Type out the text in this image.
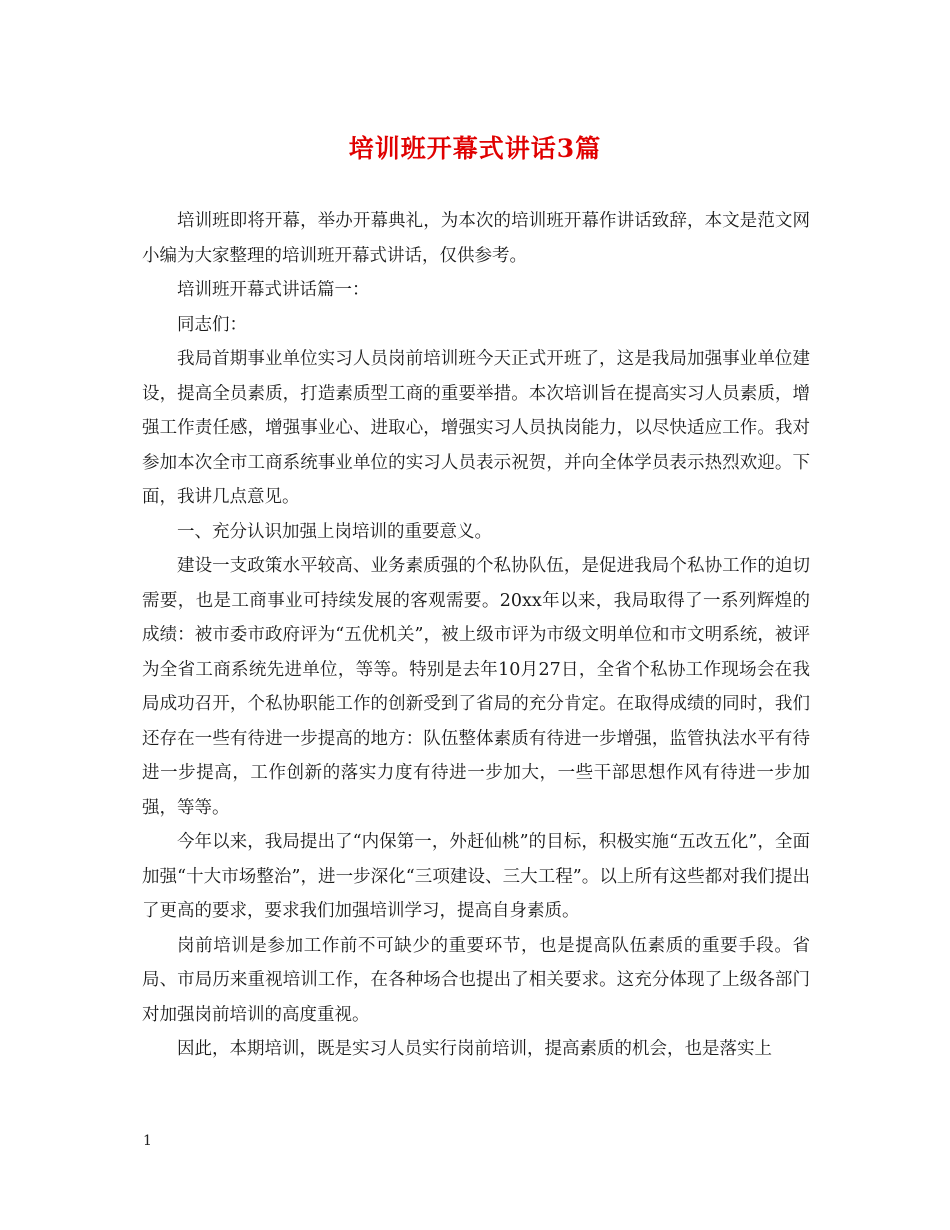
培训班开幕式讲话3篇

培训班即将开幕，举办开幕典礼，为本次的培训班开幕作讲话致辞，本文是范文网小编为大家整理的培训班开幕式讲话，仅供参考。

培训班开幕式讲话篇一：

同志们：

我局首期事业单位实习人员岗前培训班今天正式开班了，这是我局加强事业单位建设，提高全员素质，打造素质型工商的重要举措。本次培训旨在提高实习人员素质，增强工作责任感，增强事业心、进取心，增强实习人员执岗能力，以尽快适应工作。我对参加本次全市工商系统事业单位的实习人员表示祝贺，并向全体学员表示热烈欢迎。下面，我讲几点意见。

一、充分认识加强上岗培训的重要意义。

建设一支政策水平较高、业务素质强的个私协队伍，是促进我局个私协工作的迫切需要，也是工商事业可持续发展的客观需要。20xx年以来，我局取得了一系列辉煌的成绩：被市委市政府评为“五优机关”，被上级市评为市级文明单位和市文明系统，被评为全省工商系统先进单位，等等。特别是去年10月27日，全省个私协工作现场会在我局成功召开，个私协职能工作的创新受到了省局的充分肯定。在取得成绩的同时，我们还存在一些有待进一步提高的地方：队伍整体素质有待进一步增强，监管执法水平有待进一步提高，工作创新的落实力度有待进一步加大，一些干部思想作风有待进一步加强，等等。

今年以来，我局提出了“内保第一，外赶仙桃”的目标，积极实施“五改五化”，全面加强“十大市场整治”，进一步深化“三项建设、三大工程”。以上所有这些都对我们提出了更高的要求，要求我们加强培训学习，提高自身素质。

岗前培训是参加工作前不可缺少的重要环节，也是提高队伍素质的重要手段。省局、市局历来重视培训工作，在各种场合也提出了相关要求。这充分体现了上级各部门对加强岗前培训的高度重视。

因此，本期培训，既是实习人员实行岗前培训，提高素质的机会，也是落实上

1
